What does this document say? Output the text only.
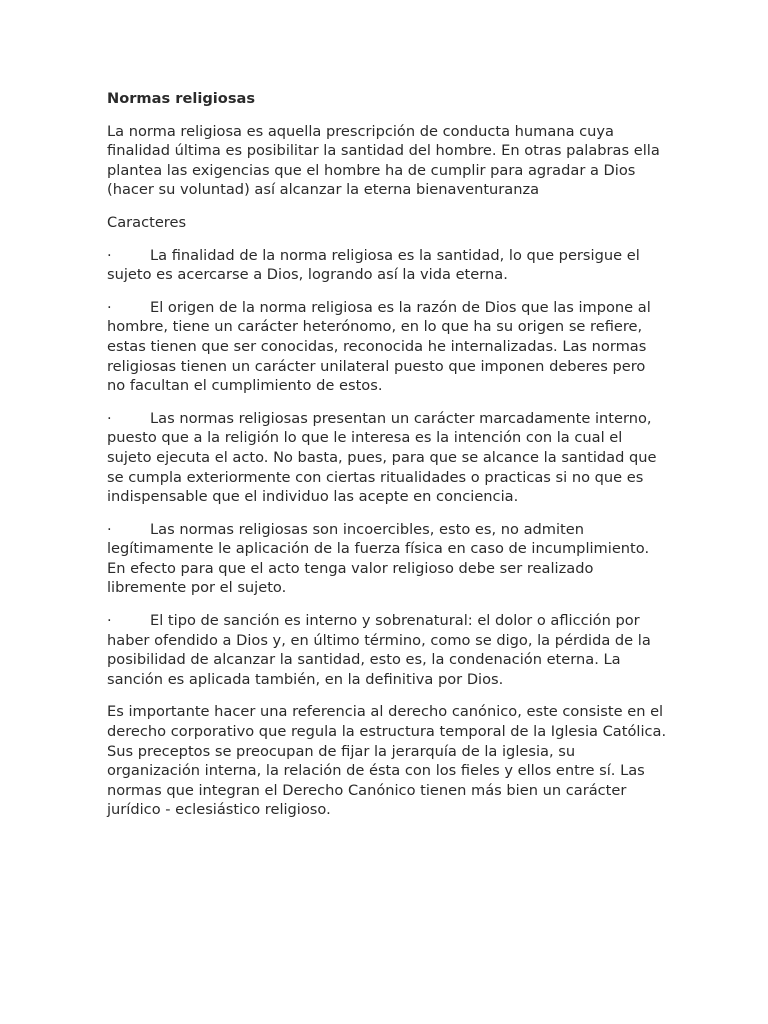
Normas religiosas

La norma religiosa es aquella prescripción de conducta humana cuya finalidad última es posibilitar la santidad del hombre. En otras palabras ella plantea las exigencias que el hombre ha de cumplir para agradar a Dios (hacer su voluntad) así alcanzar la eterna bienaventuranza

Caracteres

·	La finalidad de la norma religiosa es la santidad, lo que persigue el sujeto es acercarse a Dios, logrando así la vida eterna.
·	El origen de la norma religiosa es la razón de Dios que las impone al hombre, tiene un carácter heterónomo, en lo que ha su origen se refiere, estas tienen que ser conocidas, reconocida he internalizadas. Las normas religiosas tienen un carácter unilateral puesto que imponen deberes pero no facultan el cumplimiento de estos.
·	Las normas religiosas presentan un carácter marcadamente interno, puesto que a la religión lo que le interesa es la intención con la cual el sujeto ejecuta el acto. No basta, pues, para que se alcance la santidad que se cumpla exteriormente con ciertas ritualidades o practicas si no que es indispensable que el individuo las acepte en conciencia.
·	Las normas religiosas son incoercibles, esto es, no admiten legítimamente le aplicación de la fuerza física en caso de incumplimiento. En efecto para que el acto tenga valor religioso debe ser realizado libremente por el sujeto.
·	El tipo de sanción es interno y sobrenatural: el dolor o aflicción por haber ofendido a Dios y, en último término, como se digo, la pérdida de la posibilidad de alcanzar la santidad, esto es, la condenación eterna. La sanción es aplicada también, en la definitiva por Dios.

Es importante hacer una referencia al derecho canónico, este consiste en el derecho corporativo que regula la estructura temporal de la Iglesia Católica. Sus preceptos se preocupan de fijar la jerarquía de la iglesia, su organización interna, la relación de ésta con los fieles y ellos entre sí. Las normas que integran el Derecho Canónico tienen más bien un carácter jurídico - eclesiástico religioso.
